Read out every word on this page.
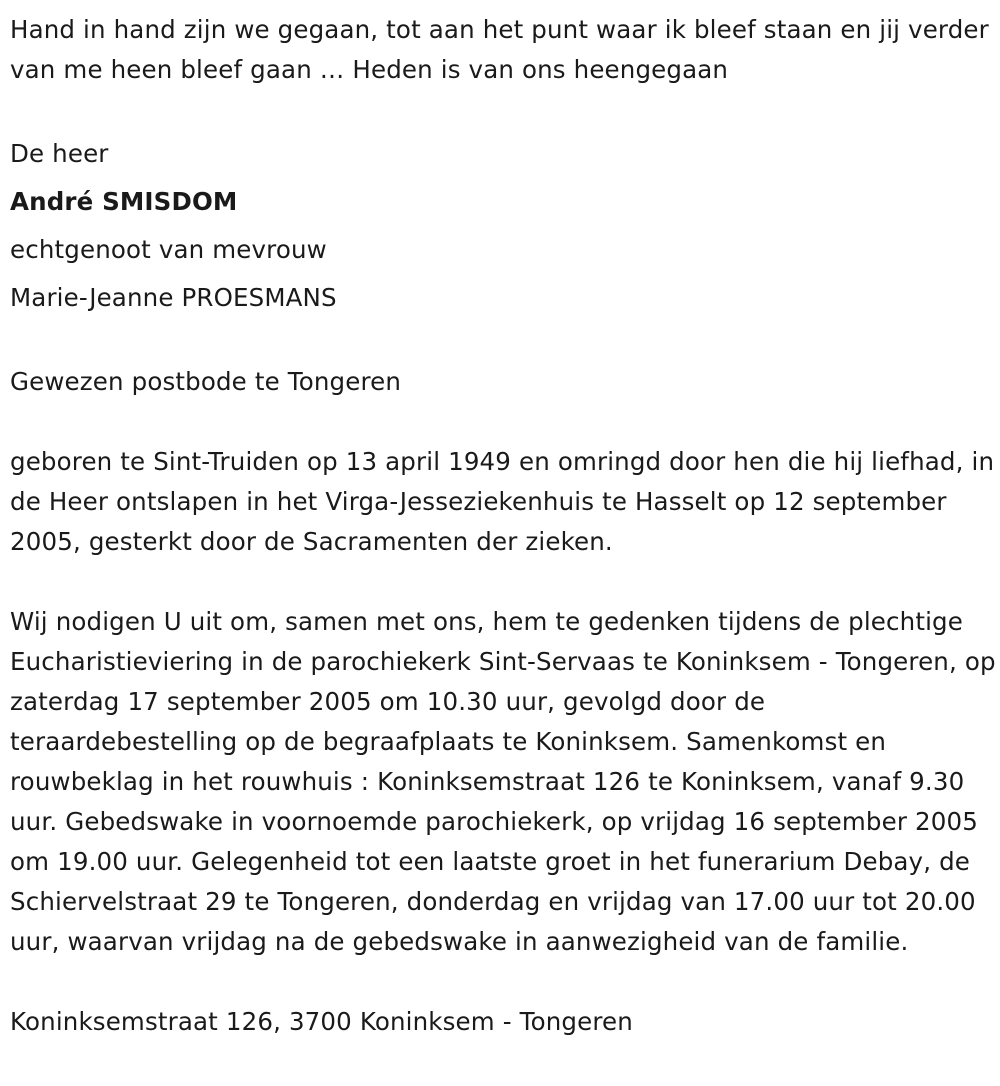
Hand in hand zijn we gegaan, tot aan het punt waar ik bleef staan en jij verder van me heen bleef gaan … Heden is van ons heengegaan

De heer

André SMISDOM

echtgenoot van mevrouw

Marie-Jeanne PROESMANS

Gewezen postbode te Tongeren

geboren te Sint-Truiden op 13 april 1949 en omringd door hen die hij liefhad, in de Heer ontslapen in het Virga-Jesseziekenhuis te Hasselt op 12 september 2005, gesterkt door de Sacramenten der zieken.

Wij nodigen U uit om, samen met ons, hem te gedenken tijdens de plechtige Eucharistieviering in de parochiekerk Sint-Servaas te Koninksem - Tongeren, op zaterdag 17 september 2005 om 10.30 uur, gevolgd door de teraardebestelling op de begraafplaats te Koninksem. Samenkomst en rouwbeklag in het rouwhuis : Koninksemstraat 126 te Koninksem, vanaf 9.30 uur. Gebedswake in voornoemde parochiekerk, op vrijdag 16 september 2005 om 19.00 uur. Gelegenheid tot een laatste groet in het funerarium Debay, de Schiervelstraat 29 te Tongeren, donderdag en vrijdag van 17.00 uur tot 20.00 uur, waarvan vrijdag na de gebedswake in aanwezigheid van de familie.

Koninksemstraat 126, 3700 Koninksem - Tongeren
